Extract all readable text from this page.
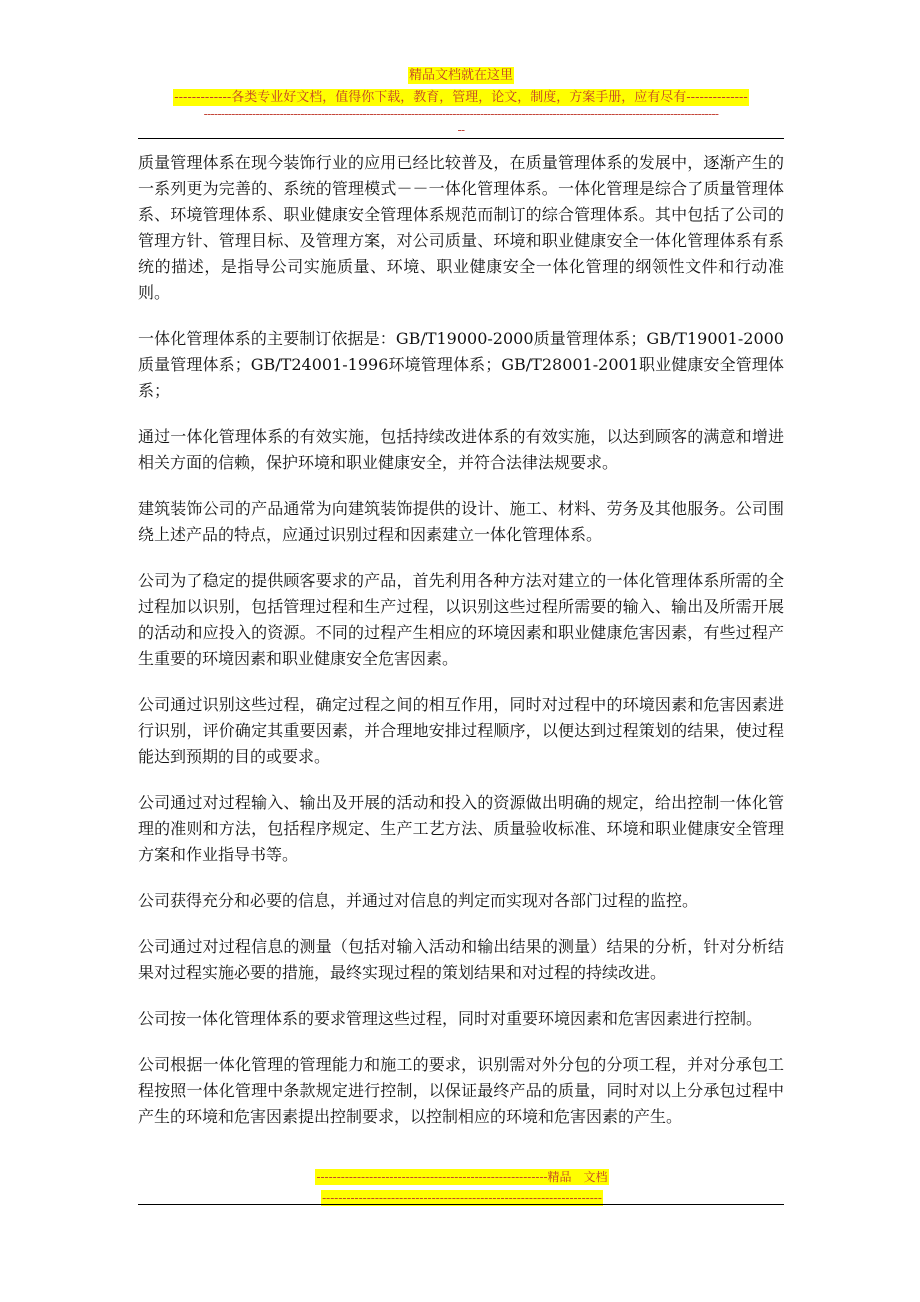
精品文档就在这里
-------------各类专业好文档，值得你下载，教育，管理，论文，制度，方案手册，应有尽有--------------
-----------------------------------------------------------------------------------------------------------------------------------------------------
--

质量管理体系在现今装饰行业的应用已经比较普及，在质量管理体系的发展中，逐渐产生的一系列更为完善的、系统的管理模式－－一体化管理体系。一体化管理是综合了质量管理体系、环境管理体系、职业健康安全管理体系规范而制订的综合管理体系。其中包括了公司的管理方针、管理目标、及管理方案，对公司质量、环境和职业健康安全一体化管理体系有系统的描述，是指导公司实施质量、环境、职业健康安全一体化管理的纲领性文件和行动准则。

一体化管理体系的主要制订依据是：GB/T19000-2000质量管理体系；GB/T19001-2000质量管理体系；GB/T24001-1996环境管理体系；GB/T28001-2001职业健康安全管理体系；

通过一体化管理体系的有效实施，包括持续改进体系的有效实施，以达到顾客的满意和增进相关方面的信赖，保护环境和职业健康安全，并符合法律法规要求。

建筑装饰公司的产品通常为向建筑装饰提供的设计、施工、材料、劳务及其他服务。公司围绕上述产品的特点，应通过识别过程和因素建立一体化管理体系。

公司为了稳定的提供顾客要求的产品，首先利用各种方法对建立的一体化管理体系所需的全过程加以识别，包括管理过程和生产过程，以识别这些过程所需要的输入、输出及所需开展的活动和应投入的资源。不同的过程产生相应的环境因素和职业健康危害因素，有些过程产生重要的环境因素和职业健康安全危害因素。

公司通过识别这些过程，确定过程之间的相互作用，同时对过程中的环境因素和危害因素进行识别，评价确定其重要因素，并合理地安排过程顺序，以便达到过程策划的结果，使过程能达到预期的目的或要求。

公司通过对过程输入、输出及开展的活动和投入的资源做出明确的规定，给出控制一体化管理的准则和方法，包括程序规定、生产工艺方法、质量验收标准、环境和职业健康安全管理方案和作业指导书等。

公司获得充分和必要的信息，并通过对信息的判定而实现对各部门过程的监控。

公司通过对过程信息的测量（包括对输入活动和输出结果的测量）结果的分析，针对分析结果对过程实施必要的措施，最终实现过程的策划结果和对过程的持续改进。

公司按一体化管理体系的要求管理这些过程，同时对重要环境因素和危害因素进行控制。

公司根据一体化管理的管理能力和施工的要求，识别需对外分包的分项工程，并对分承包工程按照一体化管理中条款规定进行控制，以保证最终产品的质量，同时对以上分承包过程中产生的环境和危害因素提出控制要求，以控制相应的环境和危害因素的产生。

---------------------------------------------------------精品　文档
---------------------------------------------------------------------
